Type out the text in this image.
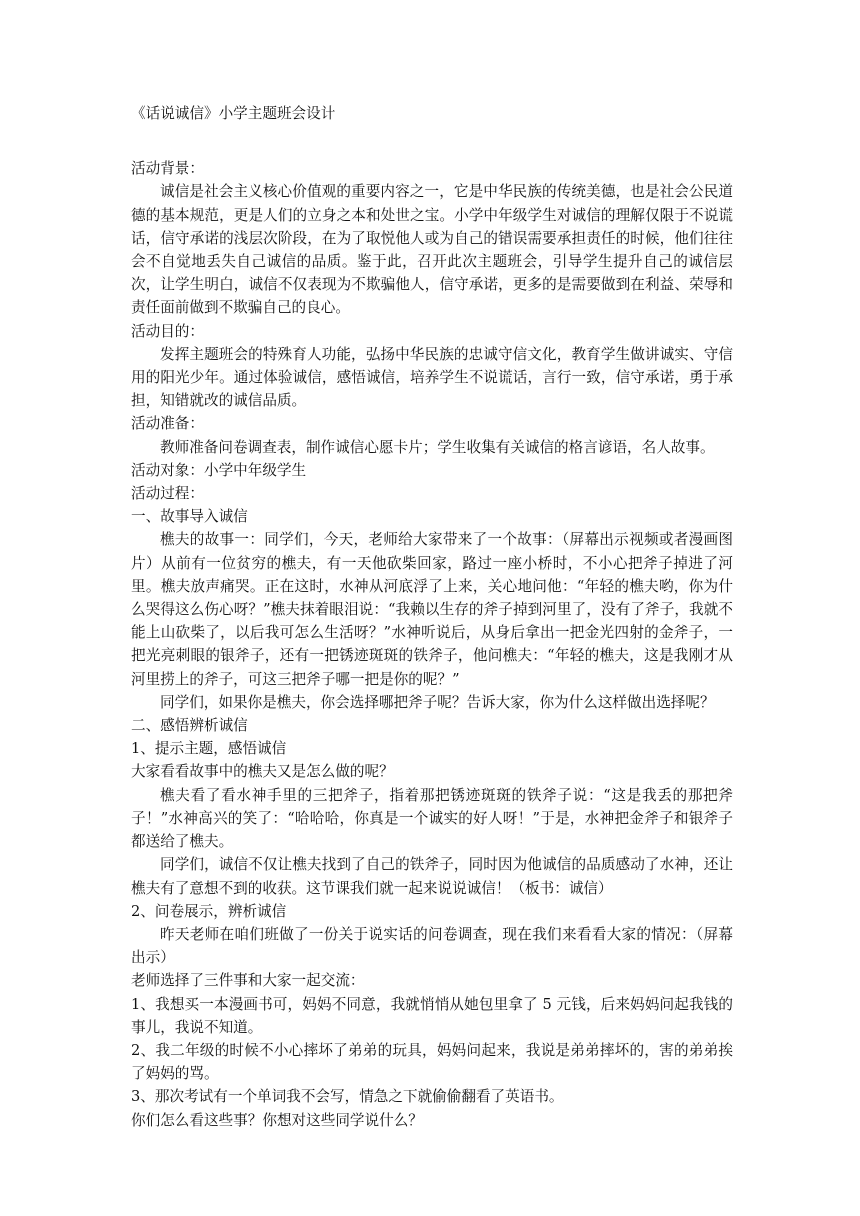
《话说诚信》小学主题班会设计

活动背景：

诚信是社会主义核心价值观的重要内容之一，它是中华民族的传统美德，也是社会公民道德的基本规范，更是人们的立身之本和处世之宝。小学中年级学生对诚信的理解仅限于不说谎话，信守承诺的浅层次阶段，在为了取悦他人或为自己的错误需要承担责任的时候，他们往往会不自觉地丢失自己诚信的品质。鉴于此，召开此次主题班会，引导学生提升自己的诚信层次，让学生明白，诚信不仅表现为不欺骗他人，信守承诺，更多的是需要做到在利益、荣辱和责任面前做到不欺骗自己的良心。

活动目的：

发挥主题班会的特殊育人功能，弘扬中华民族的忠诚守信文化，教育学生做讲诚实、守信用的阳光少年。通过体验诚信，感悟诚信，培养学生不说谎话，言行一致，信守承诺，勇于承担，知错就改的诚信品质。

活动准备：

教师准备问卷调查表，制作诚信心愿卡片；学生收集有关诚信的格言谚语，名人故事。

活动对象：小学中年级学生

活动过程：

一、故事导入诚信

樵夫的故事一：同学们，今天，老师给大家带来了一个故事：（屏幕出示视频或者漫画图片）从前有一位贫穷的樵夫，有一天他砍柴回家，路过一座小桥时，不小心把斧子掉进了河里。樵夫放声痛哭。正在这时，水神从河底浮了上来，关心地问他：“年轻的樵夫哟，你为什么哭得这么伤心呀？”樵夫抹着眼泪说：“我赖以生存的斧子掉到河里了，没有了斧子，我就不能上山砍柴了，以后我可怎么生活呀？”水神听说后，从身后拿出一把金光四射的金斧子，一把光亮刺眼的银斧子，还有一把锈迹斑斑的铁斧子，他问樵夫：“年轻的樵夫，这是我刚才从河里捞上的斧子，可这三把斧子哪一把是你的呢？”

同学们，如果你是樵夫，你会选择哪把斧子呢？告诉大家，你为什么这样做出选择呢？

二、感悟辨析诚信

1、提示主题，感悟诚信

大家看看故事中的樵夫又是怎么做的呢？

樵夫看了看水神手里的三把斧子，指着那把锈迹斑斑的铁斧子说：“这是我丢的那把斧子！”水神高兴的笑了：“哈哈哈，你真是一个诚实的好人呀！”于是，水神把金斧子和银斧子都送给了樵夫。

同学们，诚信不仅让樵夫找到了自己的铁斧子，同时因为他诚信的品质感动了水神，还让樵夫有了意想不到的收获。这节课我们就一起来说说诚信！（板书：诚信）

2、问卷展示，辨析诚信

昨天老师在咱们班做了一份关于说实话的问卷调查，现在我们来看看大家的情况：（屏幕出示）

老师选择了三件事和大家一起交流：

1、我想买一本漫画书可，妈妈不同意，我就悄悄从她包里拿了 5 元钱，后来妈妈问起我钱的事儿，我说不知道。

2、我二年级的时候不小心摔坏了弟弟的玩具，妈妈问起来，我说是弟弟摔坏的，害的弟弟挨了妈妈的骂。

3、那次考试有一个单词我不会写，情急之下就偷偷翻看了英语书。

你们怎么看这些事？你想对这些同学说什么？
